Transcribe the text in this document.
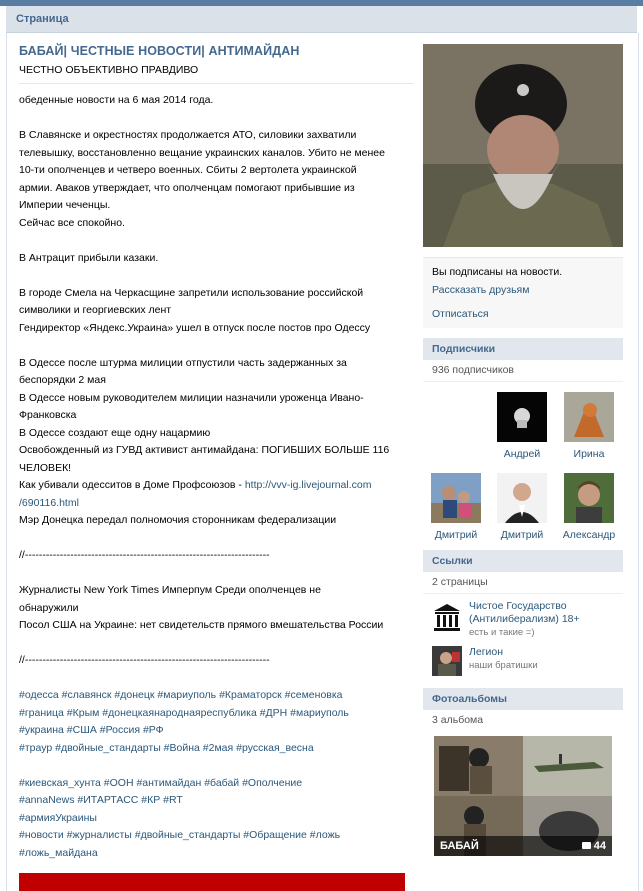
Страница
БАБАЙ| ЧЕСТНЫЕ НОВОСТИ| АНТИМАЙДАН
ЧЕСТНО ОБЪЕКТИВНО ПРАВДИВО
обеденные новости на 6 мая 2014 года.

В Славянске и окрестностях продолжается АТО, силовики захватили
телевышку, восстановленно вещание украинских каналов. Убито не менее
10-ти ополченцев и четверо военных. Сбиты 2 вертолета украинской
армии. Аваков утверждает, что ополченцам помогают прибывшие из
Империи чеченцы.
Сейчас все спокойно.

В Антрацит прибыли казаки.

В городе Смела на Черкасщине запретили использование российской
символики и георгиевских лент
Гендиректор «Яндекс.Украина» ушел в отпуск после постов про Одессу

В Одессе после штурма милиции отпустили часть задержанных за
беспорядки 2 мая
В Одессе новым руководителем милиции назначили уроженца Ивано-
Франковска
В Одессе создают еще одну нацармию
Освобожденный из ГУВД активист антимайдана: ПОГИБШИХ БОЛЬШЕ 116
ЧЕЛОВЕК!
Как убивали одесситов в Доме Профсоюзов - http://vvv-ig.livejournal.com
/690116.html
Мэр Донецка передал полномочия сторонникам федерализации

//----------------------------------------------------------------------

Журналисты New York Times Имперпум Среди ополченцев не
обнаружили
Посол США на Украине: нет свидетельств прямого вмешательства России

//----------------------------------------------------------------------

#одесса #славянск #донецк #мариуполь #Краматорск #семеновка
#граница #Крым #донецкаянароднаяреспублика #ДРН #мариуполь
#украина #США #Россия #РФ
#траур #двойные_стандарты #Война #2мая #русская_весна

#киевская_хунта #ООН #антимайдан #бабай #Ополчение
#annaNews #ИТАРТАСС #КР #RT
#армияУкраины
#новости #журналисты #двойные_стандарты #Обращение #ложь
#ложь_майдана

Вы подписаны на новости.
Рассказать друзьям
Отписаться
Подписчики
936 подписчиков
Андрей	Ирина
Дмитрий	Дмитрий	Александр
Ссылки
2 страницы
Чистое Государство
(Антилиберализм) 18+
есть и такие =)
Легион
наши братишки
Фотоальбомы
3 альбома
БАБАЙ	44
